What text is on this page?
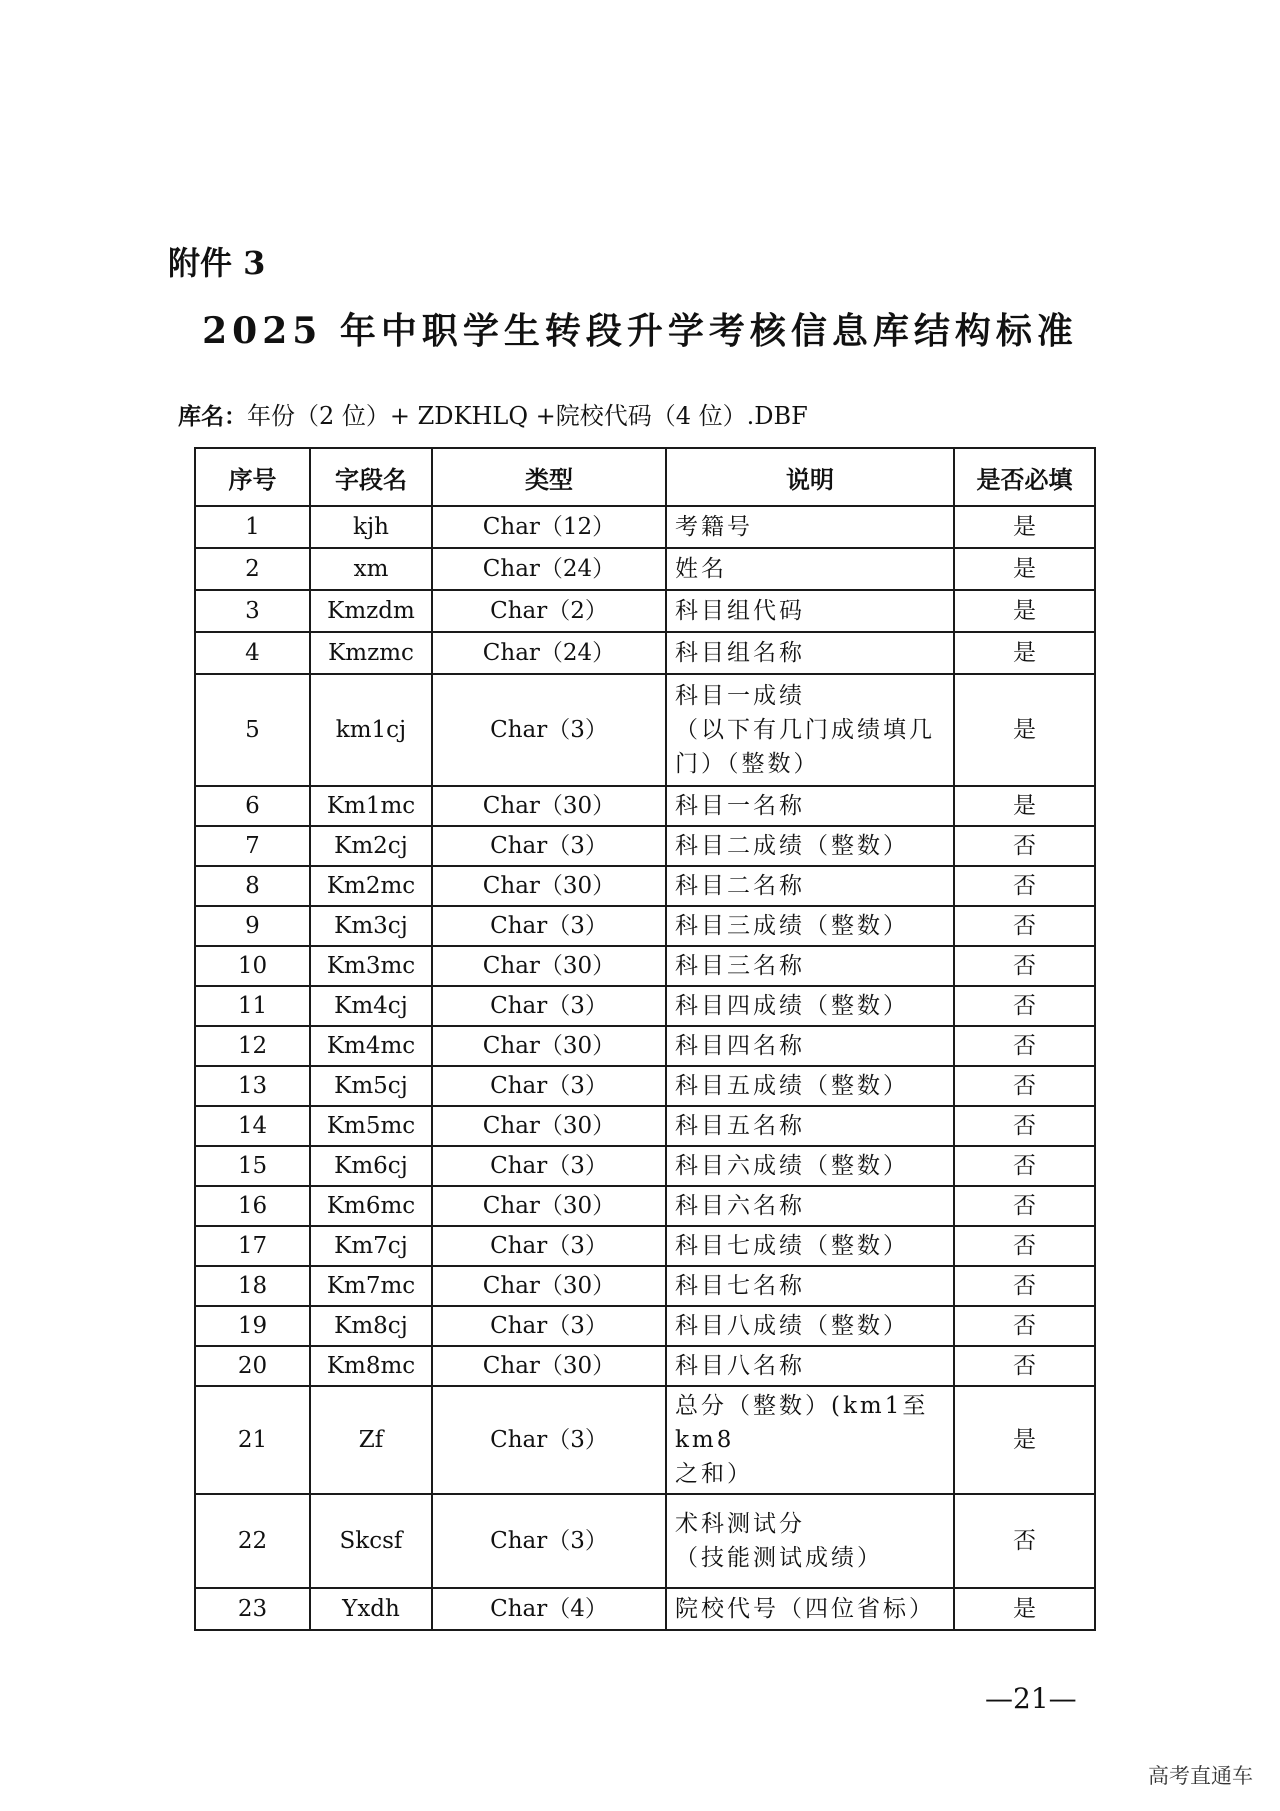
附件 3
2025 年中职学生转段升学考核信息库结构标准
库名：年份（2 位）+ ZDKHLQ +院校代码（4 位）.DBF
序号	字段名	类型	说明	是否必填
1	kjh	Char（12）	考籍号	是
2	xm	Char（24）	姓名	是
3	Kmzdm	Char（2）	科目组代码	是
4	Kmzmc	Char（24）	科目组名称	是
5	km1cj	Char（3）	科目一成绩
（以下有几门成绩填几
门）（整数）	是
6	Km1mc	Char（30）	科目一名称	是
7	Km2cj	Char（3）	科目二成绩（整数）	否
8	Km2mc	Char（30）	科目二名称	否
9	Km3cj	Char（3）	科目三成绩（整数）	否
10	Km3mc	Char（30）	科目三名称	否
11	Km4cj	Char（3）	科目四成绩（整数）	否
12	Km4mc	Char（30）	科目四名称	否
13	Km5cj	Char（3）	科目五成绩（整数）	否
14	Km5mc	Char（30）	科目五名称	否
15	Km6cj	Char（3）	科目六成绩（整数）	否
16	Km6mc	Char（30）	科目六名称	否
17	Km7cj	Char（3）	科目七成绩（整数）	否
18	Km7mc	Char（30）	科目七名称	否
19	Km8cj	Char（3）	科目八成绩（整数）	否
20	Km8mc	Char（30）	科目八名称	否
21	Zf	Char（3）	总分（整数）(km1至km8
之和）	是
22	Skcsf	Char（3）	术科测试分
（技能测试成绩）	否
23	Yxdh	Char（4）	院校代号（四位省标）	是
—21—
高考直通车
